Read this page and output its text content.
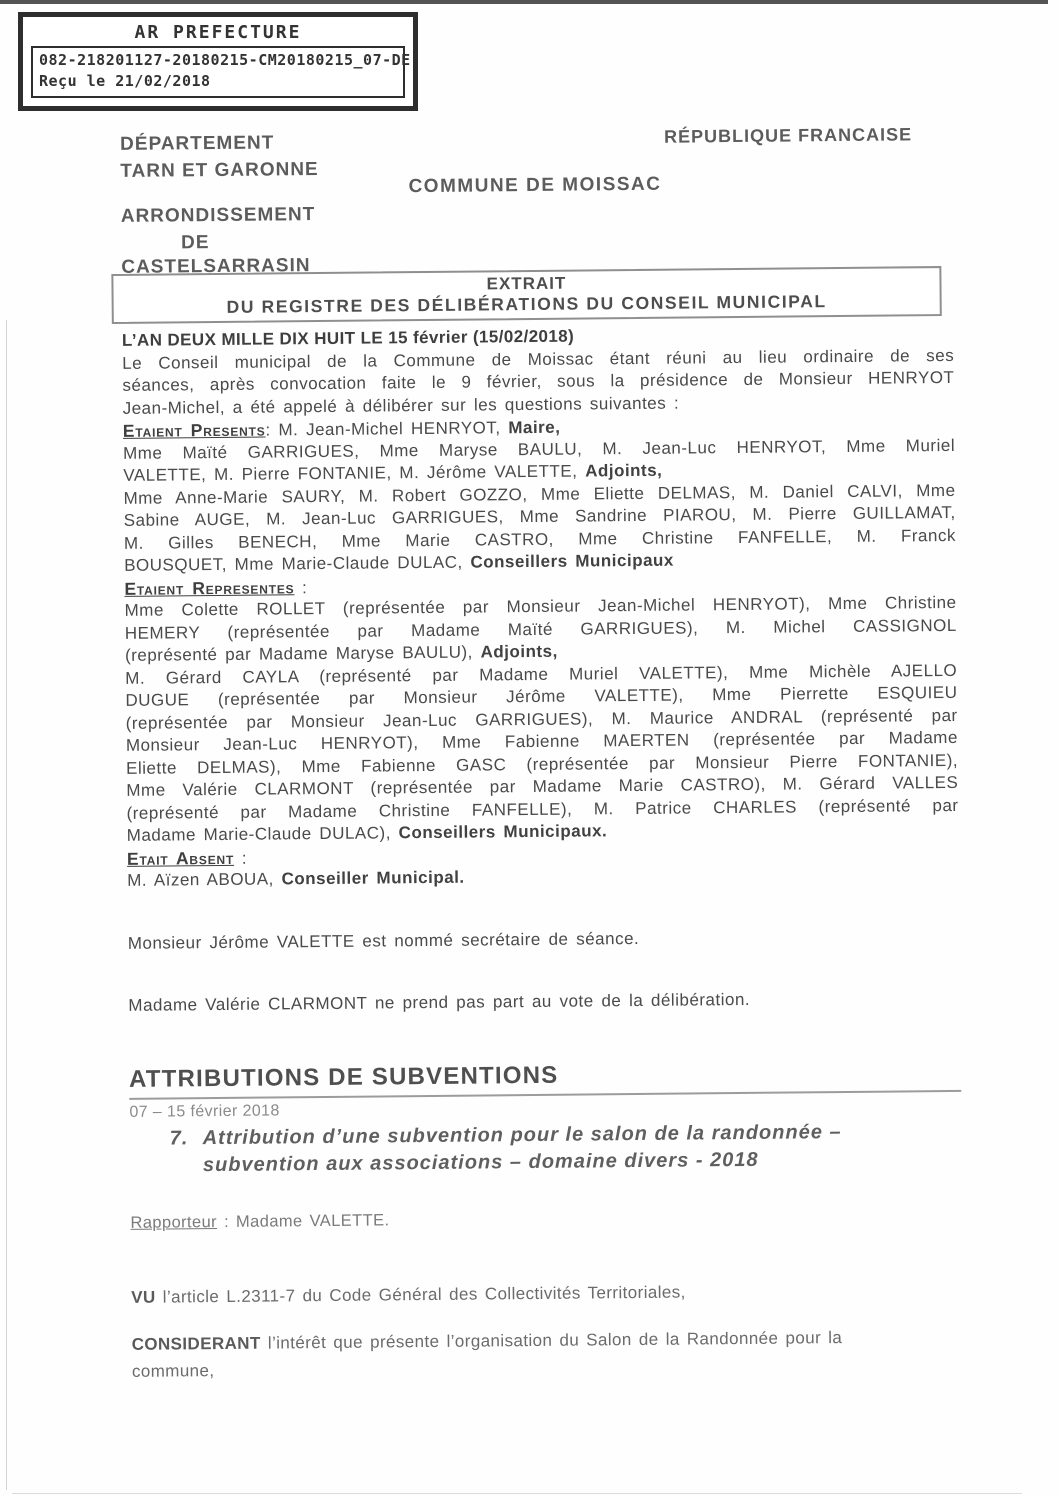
AR PREFECTURE
082-218201127-20180215-CM20180215_07-DE
Reçu le 21/02/2018
DÉPARTEMENT
TARN ET GARONNE
RÉPUBLIQUE FRANCAISE
COMMUNE DE MOISSAC
ARRONDISSEMENT
DE
CASTELSARRASIN
EXTRAIT
DU REGISTRE DES DÉLIBÉRATIONS DU CONSEIL MUNICIPAL
L’AN DEUX MILLE DIX HUIT LE 15 février (15/02/2018)
Le Conseil municipal de la Commune de Moissac étant réuni au lieu ordinaire de ses
séances, après convocation faite le 9 février, sous la présidence de Monsieur HENRYOT
Jean-Michel, a été appelé à délibérer sur les questions suivantes :
Etaient Presents: M. Jean-Michel HENRYOT, Maire,
Mme Maïté GARRIGUES, Mme Maryse BAULU, M. Jean-Luc HENRYOT, Mme Muriel
VALETTE, M. Pierre FONTANIE, M. Jérôme VALETTE, Adjoints,
Mme Anne-Marie SAURY, M. Robert GOZZO, Mme Eliette DELMAS, M. Daniel CALVI, Mme
Sabine AUGE, M. Jean-Luc GARRIGUES, Mme Sandrine PIAROU, M. Pierre GUILLAMAT,
M. Gilles BENECH, Mme Marie CASTRO, Mme Christine FANFELLE, M. Franck
BOUSQUET, Mme Marie-Claude DULAC, Conseillers Municipaux
Etaient Representes :
Mme Colette ROLLET (représentée par Monsieur Jean-Michel HENRYOT), Mme Christine
HEMERY (représentée par Madame Maïté GARRIGUES), M. Michel CASSIGNOL
(représenté par Madame Maryse BAULU), Adjoints,
M. Gérard CAYLA (représenté par Madame Muriel VALETTE), Mme Michèle AJELLO
DUGUE (représentée par Monsieur Jérôme VALETTE), Mme Pierrette ESQUIEU
(représentée par Monsieur Jean-Luc GARRIGUES), M. Maurice ANDRAL (représenté par
Monsieur Jean-Luc HENRYOT), Mme Fabienne MAERTEN (représentée par Madame
Eliette DELMAS), Mme Fabienne GASC (représentée par Monsieur Pierre FONTANIE),
Mme Valérie CLARMONT (représentée par Madame Marie CASTRO), M. Gérard VALLES
(représenté par Madame Christine FANFELLE), M. Patrice CHARLES (représenté par
Madame Marie-Claude DULAC), Conseillers Municipaux.
Etait Absent :
M. Aïzen ABOUA, Conseiller Municipal.
Monsieur Jérôme VALETTE est nommé secrétaire de séance.
Madame Valérie CLARMONT ne prend pas part au vote de la délibération.
ATTRIBUTIONS DE SUBVENTIONS
07 – 15 février 2018
7. Attribution d’une subvention pour le salon de la randonnée –
subvention aux associations – domaine divers - 2018
Rapporteur : Madame VALETTE.
VU l’article L.2311-7 du Code Général des Collectivités Territoriales,
CONSIDERANT l’intérêt que présente l’organisation du Salon de la Randonnée pour la
commune,
